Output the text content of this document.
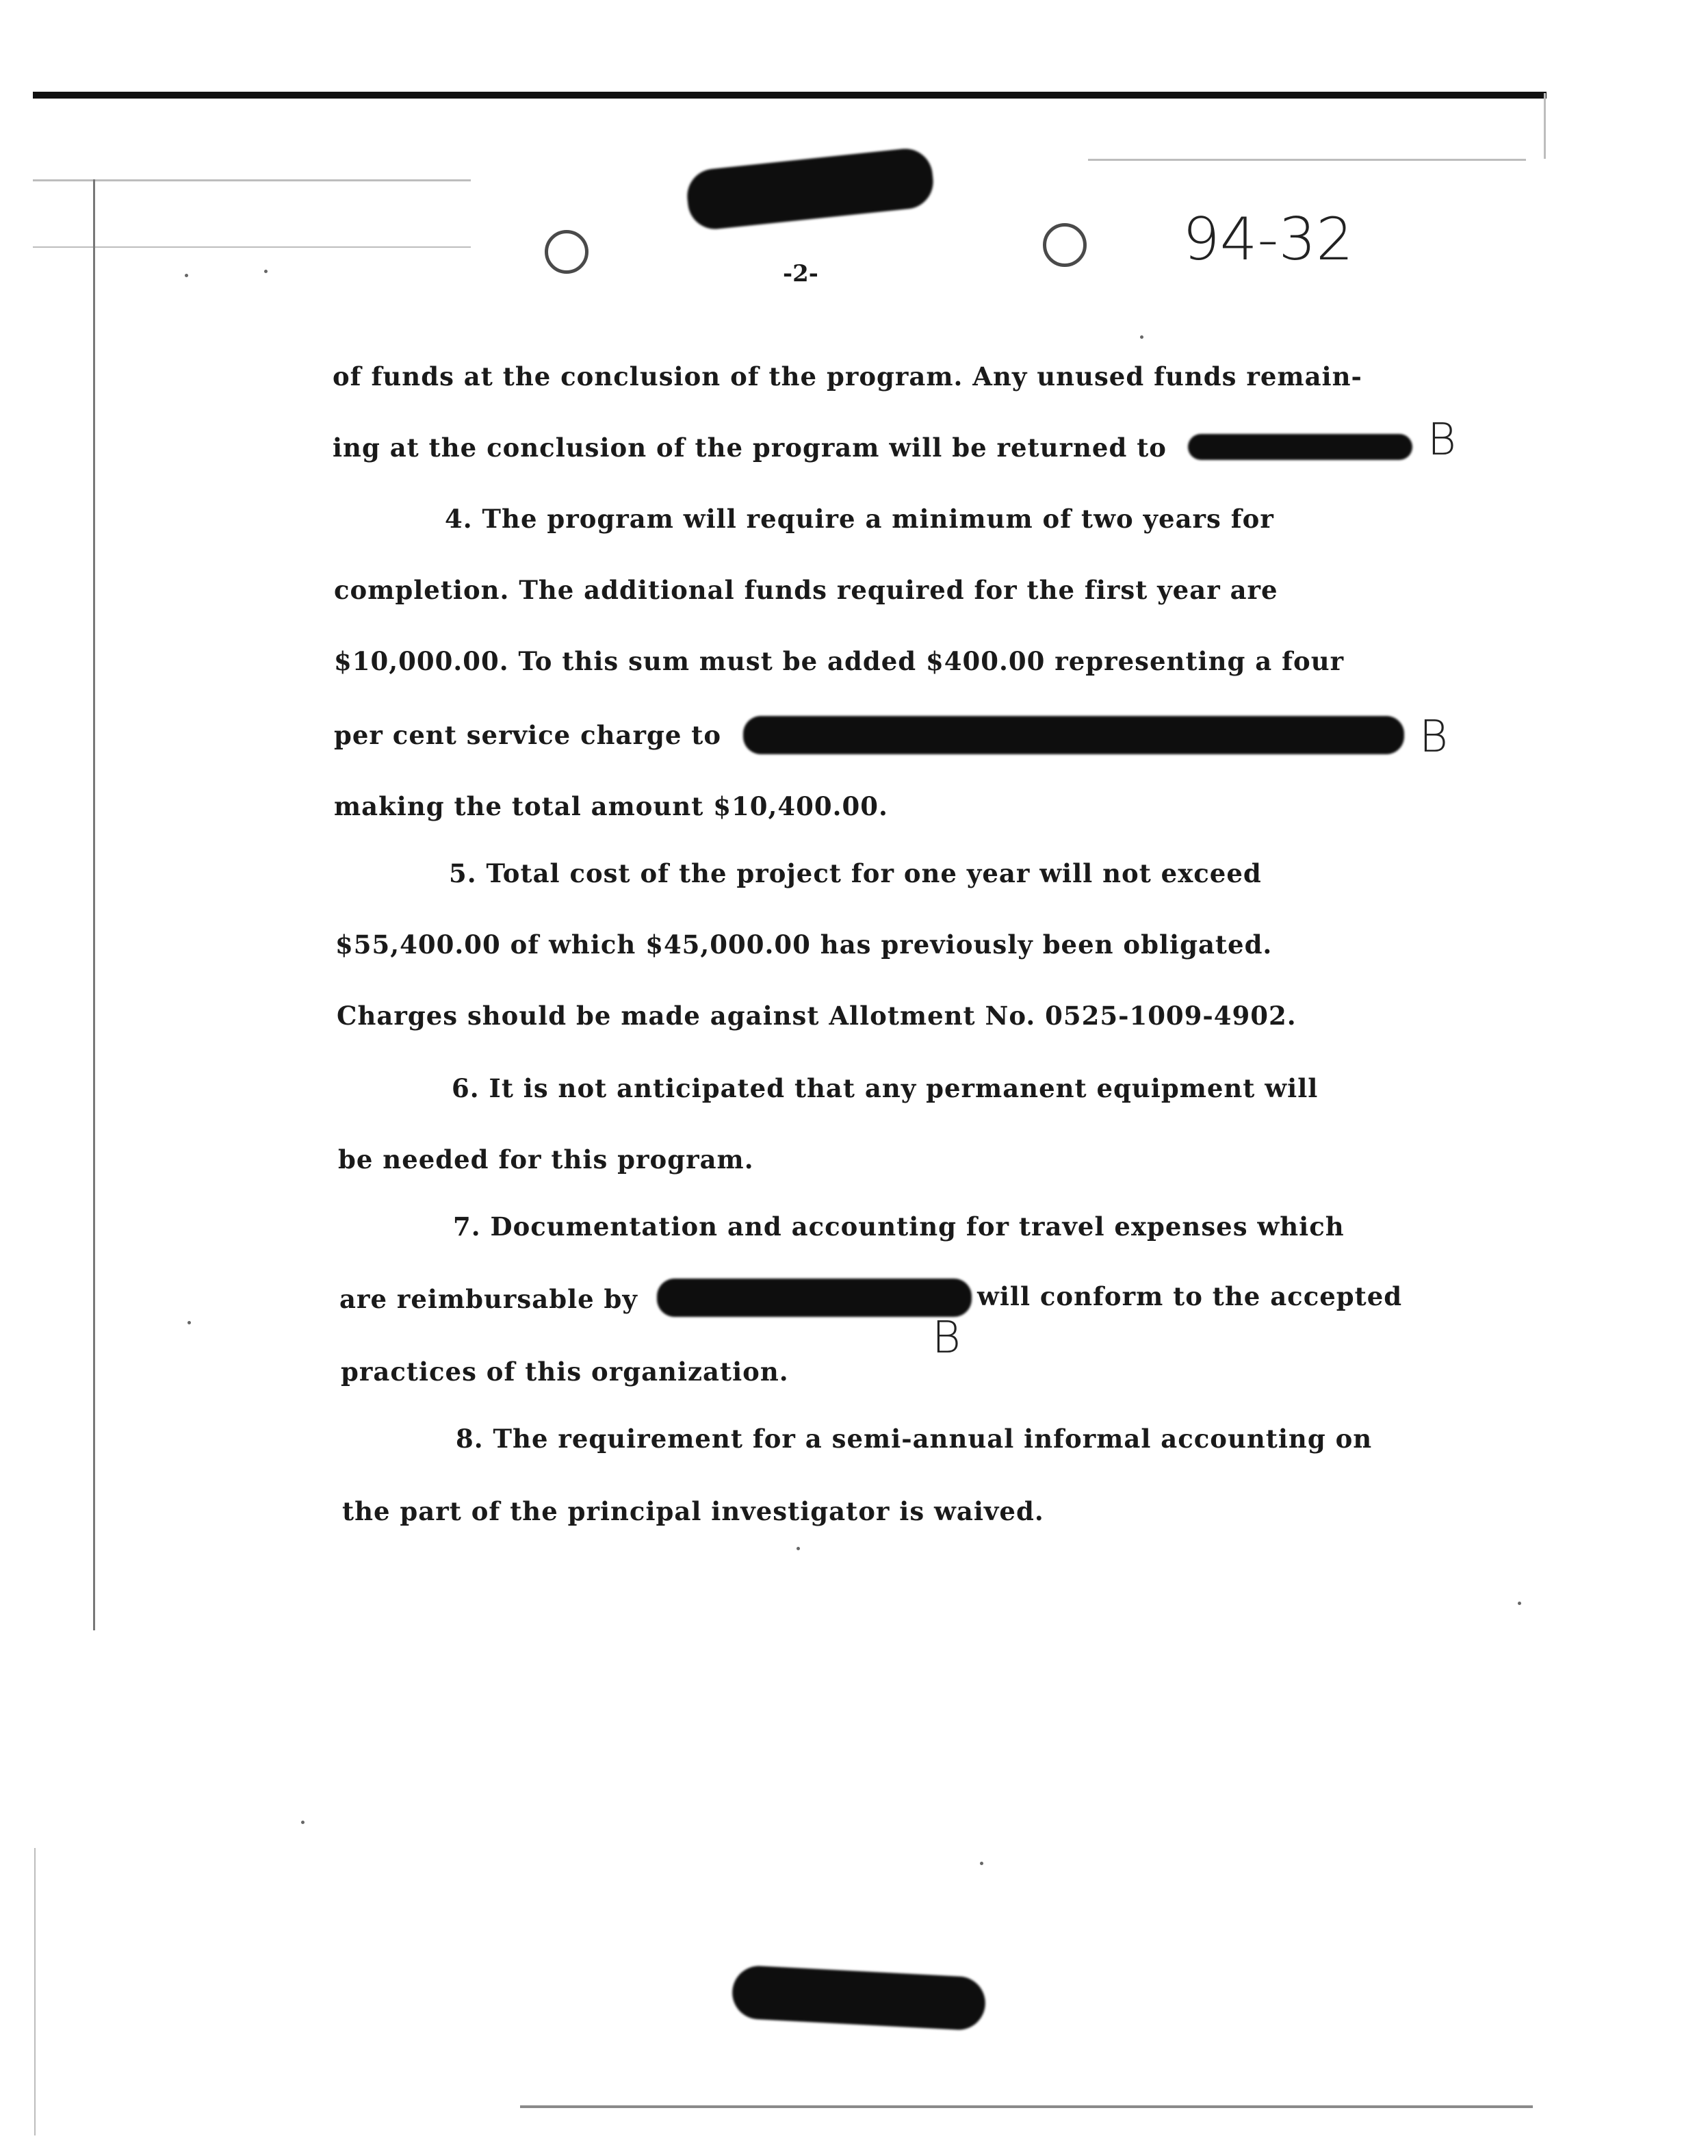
-2-	94-32
of funds at the conclusion of the program. Any unused funds remain-
ing at the conclusion of the program will be returned to	B
4. The program will require a minimum of two years for
completion. The additional funds required for the first year are
$10,000.00. To this sum must be added $400.00 representing a four
per cent service charge to	B
making the total amount $10,400.00.
5. Total cost of the project for one year will not exceed
$55,400.00 of which $45,000.00 has previously been obligated.
Charges should be made against Allotment No. 0525-1009-4902.
6. It is not anticipated that any permanent equipment will
be needed for this program.
7. Documentation and accounting for travel expenses which
are reimbursable by	will conform to the accepted
B
practices of this organization.
8. The requirement for a semi-annual informal accounting on
the part of the principal investigator is waived.
